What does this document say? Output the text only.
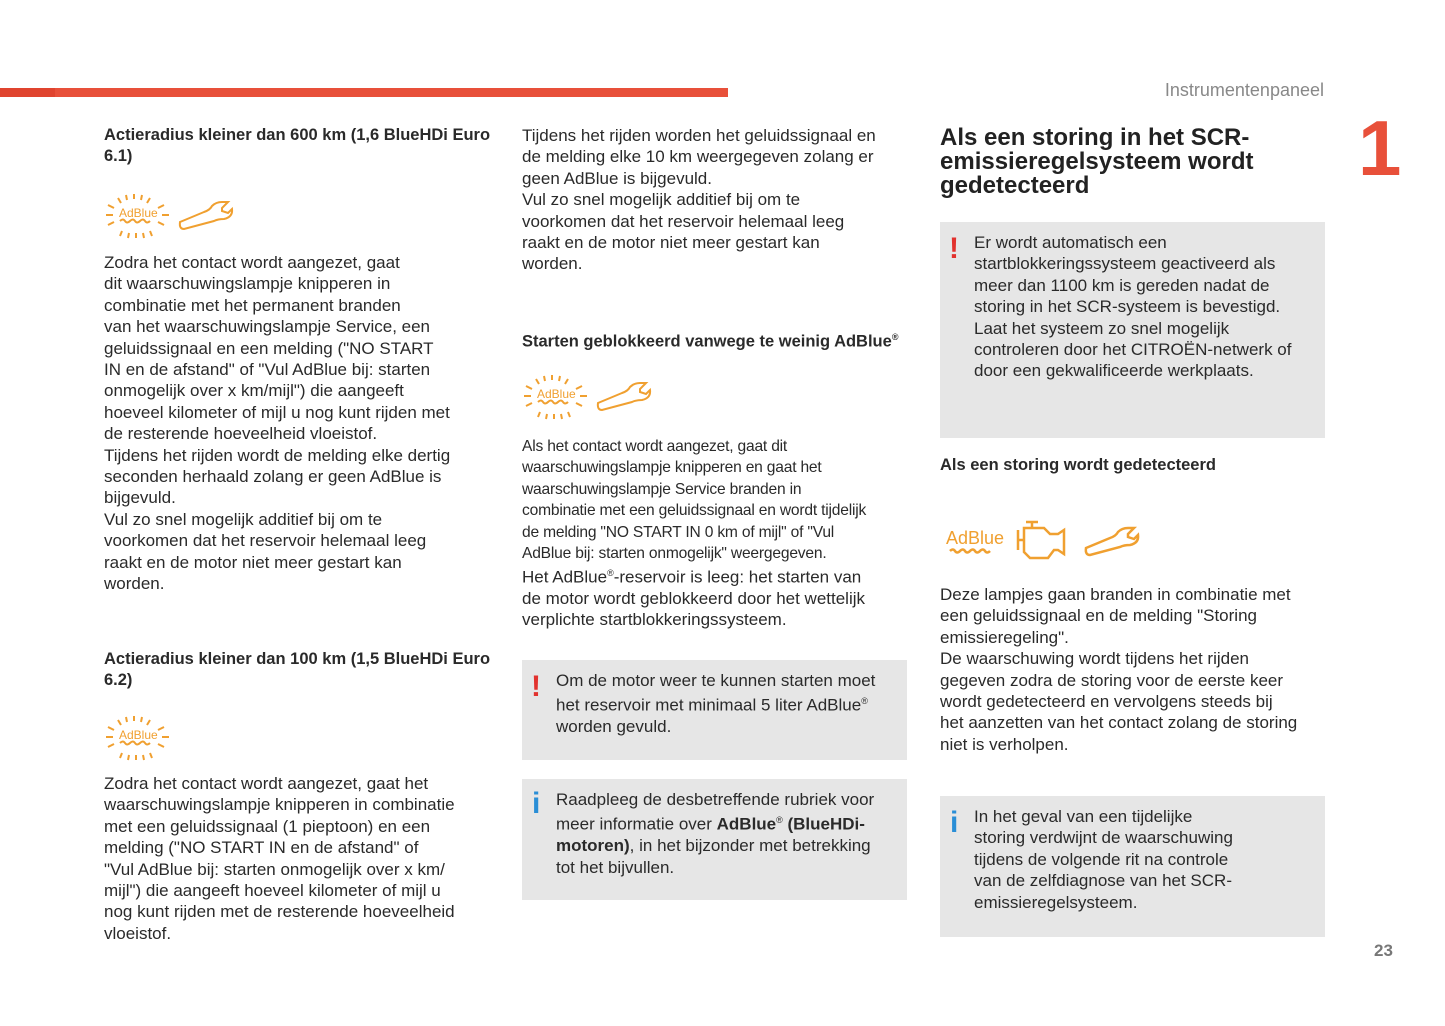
Instrumentenpaneel
1
23
Actieradius kleiner dan 600 km (1,6 BlueHDi Euro 6.1)
AdBlue

Zodra het contact wordt aangezet, gaat
dit waarschuwingslampje knipperen in
combinatie met het permanent branden
van het waarschuwingslampje Service, een
geluidssignaal en een melding ("NO START
IN en de afstand" of "Vul AdBlue bij: starten
onmogelijk over x km/mijl") die aangeeft
hoeveel kilometer of mijl u nog kunt rijden met
de resterende hoeveelheid vloeistof.
Tijdens het rijden wordt de melding elke dertig
seconden herhaald zolang er geen AdBlue is
bijgevuld.
Vul zo snel mogelijk additief bij om te
voorkomen dat het reservoir helemaal leeg
raakt en de motor niet meer gestart kan
worden.

Actieradius kleiner dan 100 km (1,5 BlueHDi Euro 6.2)
AdBlue

Zodra het contact wordt aangezet, gaat het
waarschuwingslampje knipperen in combinatie
met een geluidssignaal (1 pieptoon) en een
melding ("NO START IN en de afstand" of
"Vul AdBlue bij: starten onmogelijk over x km/
mijl") die aangeeft hoeveel kilometer of mijl u
nog kunt rijden met de resterende hoeveelheid
vloeistof.

Tijdens het rijden worden het geluidssignaal en
de melding elke 10 km weergegeven zolang er
geen AdBlue is bijgevuld.
Vul zo snel mogelijk additief bij om te
voorkomen dat het reservoir helemaal leeg
raakt en de motor niet meer gestart kan
worden.

Starten geblokkeerd vanwege te weinig AdBlue®
AdBlue

Als het contact wordt aangezet, gaat dit
waarschuwingslampje knipperen en gaat het
waarschuwingslampje Service branden in
combinatie met een geluidssignaal en wordt tijdelijk
de melding "NO START IN 0 km of mijl" of "Vul
AdBlue bij: starten onmogelijk" weergegeven.

Het AdBlue®-reservoir is leeg: het starten van
de motor wordt geblokkeerd door het wettelijk
verplichte startblokkeringssysteem.

! Om de motor weer te kunnen starten moet
het reservoir met minimaal 5 liter AdBlue®
worden gevuld.
i Raadpleeg de desbetreffende rubriek voor
meer informatie over AdBlue® (BlueHDi-
motoren), in het bijzonder met betrekking
tot het bijvullen.
Als een storing in het SCR-
emissieregelsysteem wordt
gedetecteerd
! Er wordt automatisch een
startblokkeringssysteem geactiveerd als
meer dan 1100 km is gereden nadat de
storing in het SCR-systeem is bevestigd.
Laat het systeem zo snel mogelijk
controleren door het CITROËN-netwerk of
door een gekwalificeerde werkplaats.
Als een storing wordt gedetecteerd
AdBlue

Deze lampjes gaan branden in combinatie met
een geluidssignaal en de melding "Storing
emissieregeling".
De waarschuwing wordt tijdens het rijden
gegeven zodra de storing voor de eerste keer
wordt gedetecteerd en vervolgens steeds bij
het aanzetten van het contact zolang de storing
niet is verholpen.

i In het geval van een tijdelijke
storing verdwijnt de waarschuwing
tijdens de volgende rit na controle
van de zelfdiagnose van het SCR-
emissieregelsysteem.
